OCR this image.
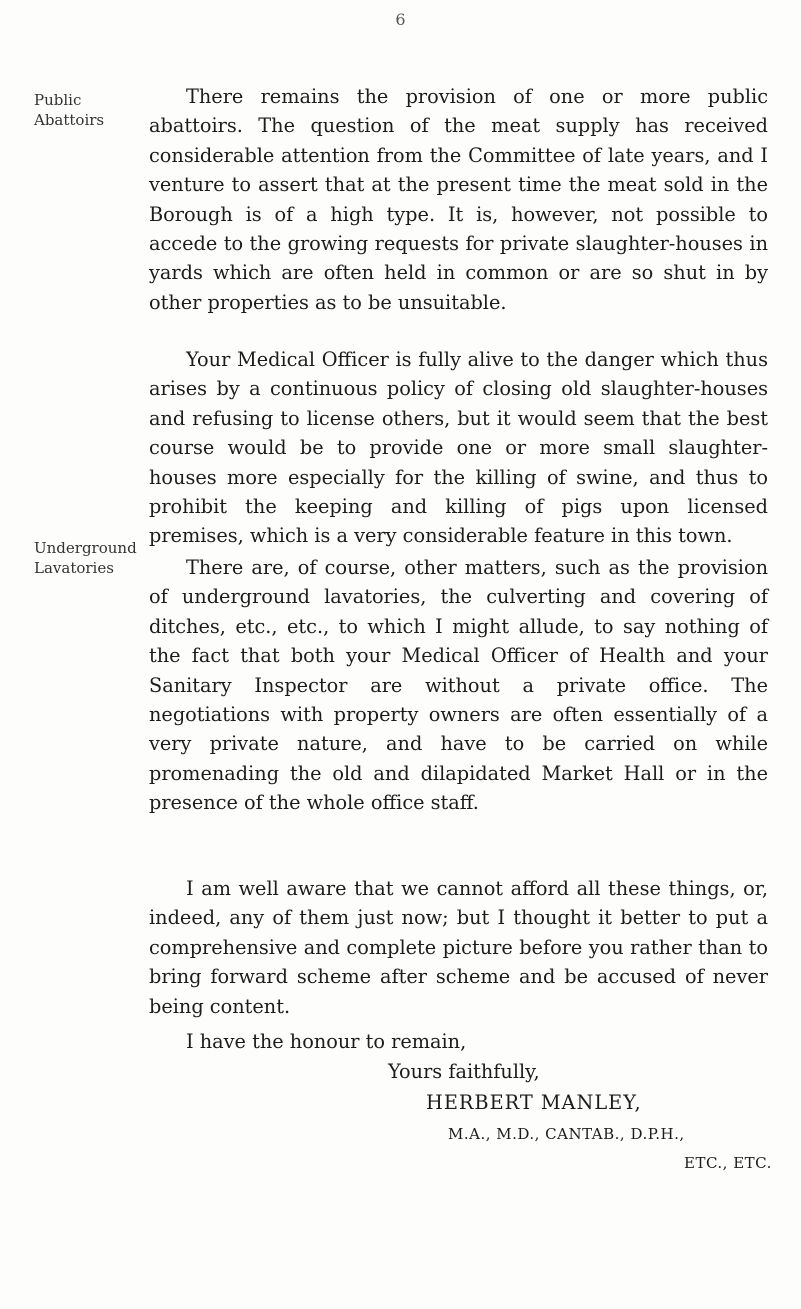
6
Public Abattoirs
Underground Lavatories

There remains the provision of one or more public abattoirs. The question of the meat supply has received considerable attention from the Committee of late years, and I venture to assert that at the present time the meat sold in the Borough is of a high type. It is, however, not possible to accede to the growing requests for private slaughter-houses in yards which are often held in common or are so shut in by other properties as to be unsuitable.

Your Medical Officer is fully alive to the danger which thus arises by a continuous policy of closing old slaughter-houses and refusing to license others, but it would seem that the best course would be to provide one or more small slaughter-houses more especially for the killing of swine, and thus to prohibit the keeping and killing of pigs upon licensed premises, which is a very considerable feature in this town.

There are, of course, other matters, such as the provision of underground lavatories, the culverting and covering of ditches, etc., etc., to which I might allude, to say nothing of the fact that both your Medical Officer of Health and your Sanitary Inspector are without a private office. The negotiations with property owners are often essentially of a very private nature, and have to be carried on while promenading the old and dilapidated Market Hall or in the presence of the whole office staff.

I am well aware that we cannot afford all these things, or, indeed, any of them just now; but I thought it better to put a comprehensive and complete picture before you rather than to bring forward scheme after scheme and be accused of never being content.

I have the honour to remain,
Yours faithfully,
HERBERT MANLEY,
M.A., M.D., CANTAB., D.P.H.,
ETC., ETC.
